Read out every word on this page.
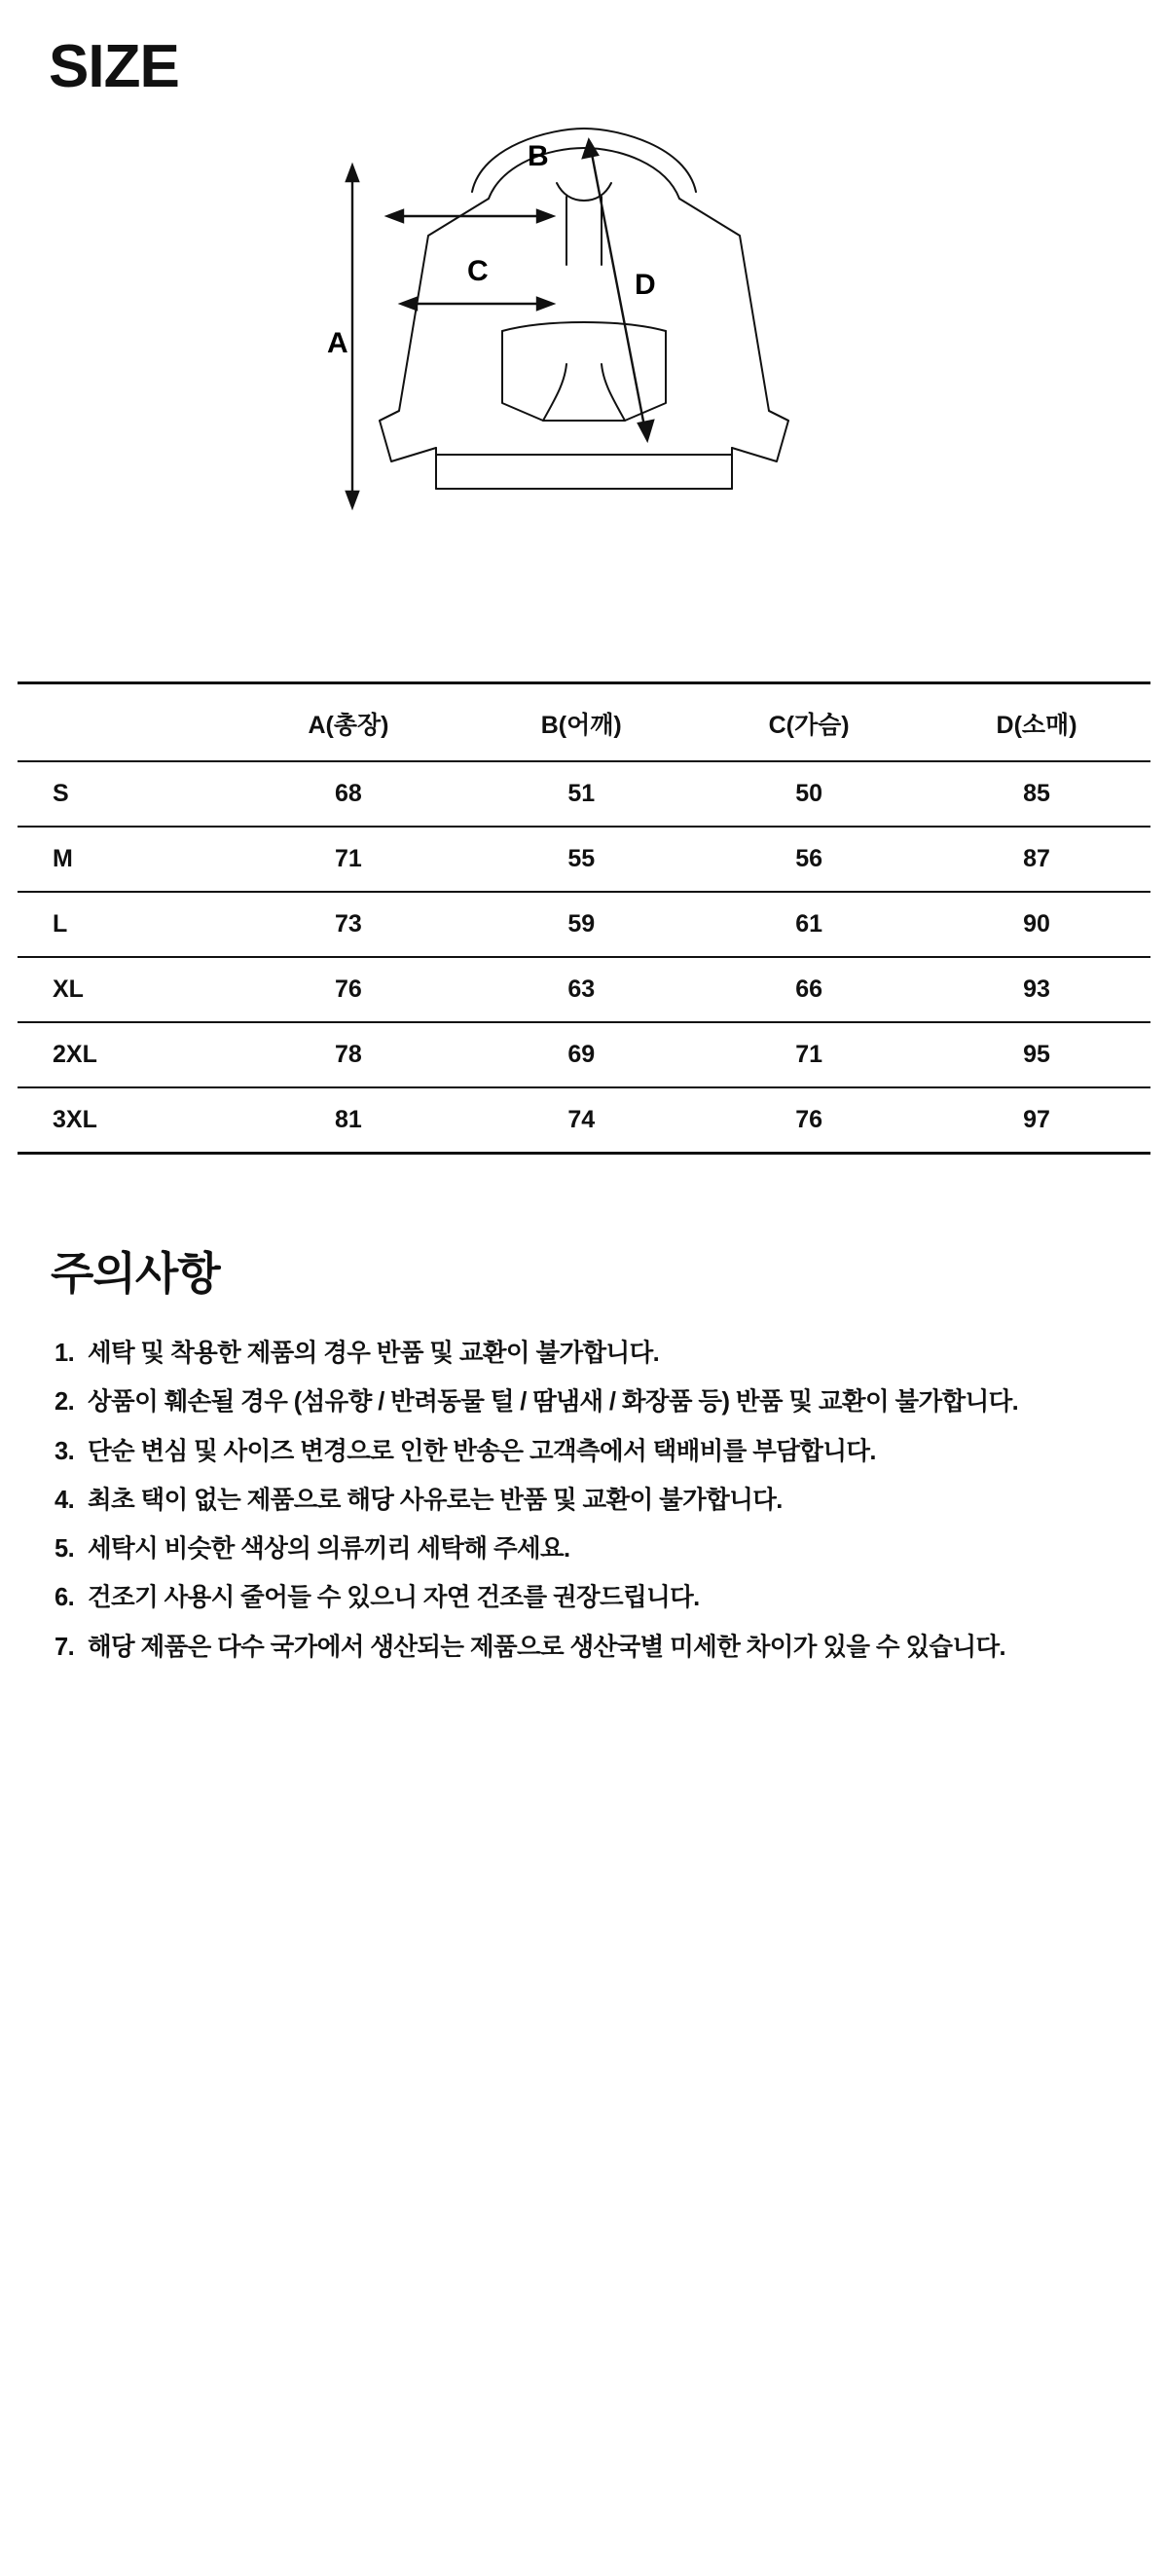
SIZE
A
B
C	D
	A(총장)	B(어깨)	C(가슴)	D(소매)
S	68	51	50	85
M	71	55	56	87
L	73	59	61	90
XL	76	63	66	93
2XL	78	69	71	95
3XL	81	74	76	97
주의사항
세탁 및 착용한 제품의 경우 반품 및 교환이 불가합니다.
상품이 훼손될 경우 (섬유향 / 반려동물 털 / 땀냄새 / 화장품 등) 반품 및 교환이 불가합니다.
단순 변심 및 사이즈 변경으로 인한 반송은 고객측에서 택배비를 부담합니다.
최초 택이 없는 제품으로 해당 사유로는 반품 및 교환이 불가합니다.
세탁시 비슷한 색상의 의류끼리 세탁해 주세요.
건조기 사용시 줄어들 수 있으니 자연 건조를 권장드립니다.
해당 제품은 다수 국가에서 생산되는 제품으로 생산국별 미세한 차이가 있을 수 있습니다.
